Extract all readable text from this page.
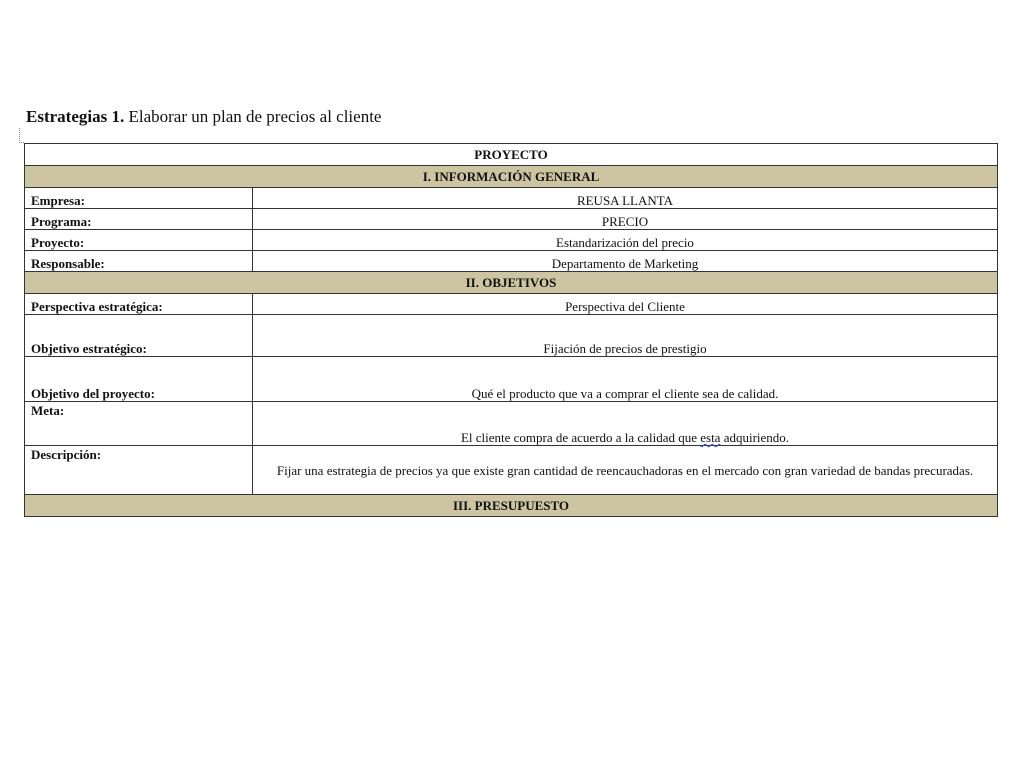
Estrategias 1. Elaborar un plan de precios al cliente
PROYECTO	
I. INFORMACIÓN GENERAL	
Empresa:	REUSA LLANTA
Programa:	PRECIO
Proyecto:	Estandarización del precio
Responsable:	Departamento de Marketing
II. OBJETIVOS	
Perspectiva estratégica:	Perspectiva del Cliente
Objetivo estratégico:	Fijación de precios de prestigio
Objetivo del proyecto:	Qué el producto que va a comprar el cliente sea de calidad.
Meta:	El cliente compra de acuerdo a la calidad que esta adquiriendo.
Descripción:	Fijar una estrategia de precios ya que existe gran cantidad de reencauchadoras en el mercado con gran variedad de bandas precuradas.
III. PRESUPUESTO	
